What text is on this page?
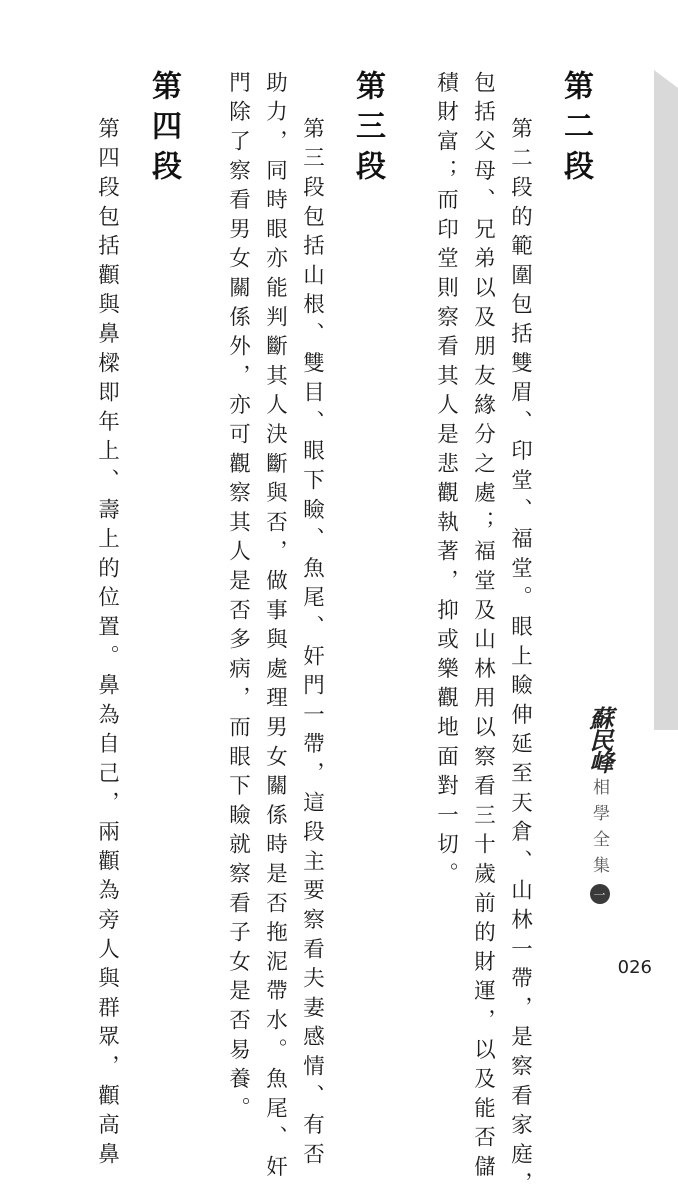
第二段
第二段的範圍包括雙眉、印堂、福堂。眼上瞼伸延至天倉、山林一帶，是察看家庭，
包括父母、兄弟以及朋友緣分之處；福堂及山林用以察看三十歲前的財運，以及能否儲
積財富；而印堂則察看其人是悲觀執著，抑或樂觀地面對一切。
第三段
第三段包括山根、雙目、眼下瞼、魚尾、奸門一帶，這段主要察看夫妻感情、有否
助力，同時眼亦能判斷其人決斷與否，做事與處理男女關係時是否拖泥帶水。魚尾、奸
門除了察看男女關係外，亦可觀察其人是否多病，而眼下瞼就察看子女是否易養。
第四段
第四段包括顴與鼻樑即年上、壽上的位置。鼻為自己，兩顴為旁人與群眾，顴高鼻	蘇民峰
相學全集
一
026
